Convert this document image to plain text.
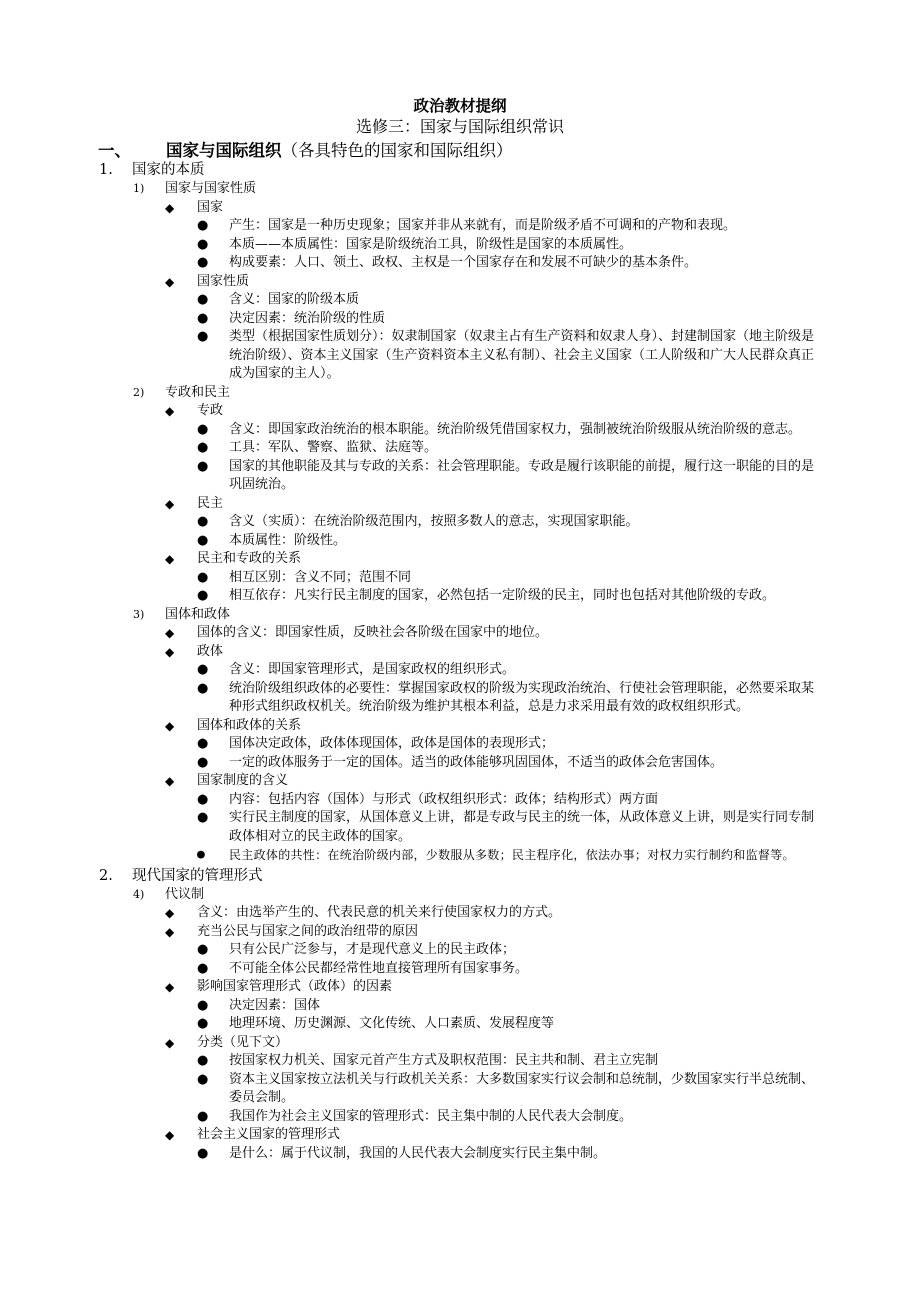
政治教材提纲
选修三：国家与国际组织常识
一、 国家与国际组织（各具特色的国家和国际组织）
1. 国家的本质
1) 国家与国家性质
◆ 国家
● 产生：国家是一种历史现象；国家并非从来就有，而是阶级矛盾不可调和的产物和表现。
● 本质——本质属性：国家是阶级统治工具，阶级性是国家的本质属性。
● 构成要素：人口、领土、政权、主权是一个国家存在和发展不可缺少的基本条件。
◆ 国家性质
● 含义：国家的阶级本质
● 决定因素：统治阶级的性质
● 类型（根据国家性质划分）：奴隶制国家（奴隶主占有生产资料和奴隶人身）、封建制国家（地主阶级是统治阶级）、资本主义国家（生产资料资本主义私有制）、社会主义国家（工人阶级和广大人民群众真正成为国家的主人）。
2) 专政和民主
◆ 专政
● 含义：即国家政治统治的根本职能。统治阶级凭借国家权力，强制被统治阶级服从统治阶级的意志。
● 工具：军队、警察、监狱、法庭等。
● 国家的其他职能及其与专政的关系：社会管理职能。专政是履行该职能的前提，履行这一职能的目的是巩固统治。
◆ 民主
● 含义（实质）：在统治阶级范围内，按照多数人的意志，实现国家职能。
● 本质属性：阶级性。
◆ 民主和专政的关系
● 相互区别：含义不同；范围不同
● 相互依存：凡实行民主制度的国家，必然包括一定阶级的民主，同时也包括对其他阶级的专政。
3) 国体和政体
◆ 国体的含义：即国家性质，反映社会各阶级在国家中的地位。
◆ 政体
● 含义：即国家管理形式，是国家政权的组织形式。
● 统治阶级组织政体的必要性：掌握国家政权的阶级为实现政治统治、行使社会管理职能，必然要采取某种形式组织政权机关。统治阶级为维护其根本利益，总是力求采用最有效的政权组织形式。
◆ 国体和政体的关系
● 国体决定政体，政体体现国体，政体是国体的表现形式；
● 一定的政体服务于一定的国体。适当的政体能够巩固国体，不适当的政体会危害国体。
◆ 国家制度的含义
● 内容：包括内容（国体）与形式（政权组织形式：政体；结构形式）两方面
● 实行民主制度的国家，从国体意义上讲，都是专政与民主的统一体，从政体意义上讲，则是实行同专制政体相对立的民主政体的国家。
● 民主政体的共性：在统治阶级内部，少数服从多数；民主程序化，依法办事；对权力实行制约和监督等。
2. 现代国家的管理形式
4) 代议制
◆ 含义：由选举产生的、代表民意的机关来行使国家权力的方式。
◆ 充当公民与国家之间的政治纽带的原因
● 只有公民广泛参与，才是现代意义上的民主政体；
● 不可能全体公民都经常性地直接管理所有国家事务。
◆ 影响国家管理形式（政体）的因素
● 决定因素：国体
● 地理环境、历史渊源、文化传统、人口素质、发展程度等
◆ 分类（见下文）
● 按国家权力机关、国家元首产生方式及职权范围：民主共和制、君主立宪制
● 资本主义国家按立法机关与行政机关关系：大多数国家实行议会制和总统制，少数国家实行半总统制、委员会制。
● 我国作为社会主义国家的管理形式：民主集中制的人民代表大会制度。
◆ 社会主义国家的管理形式
● 是什么：属于代议制，我国的人民代表大会制度实行民主集中制。
